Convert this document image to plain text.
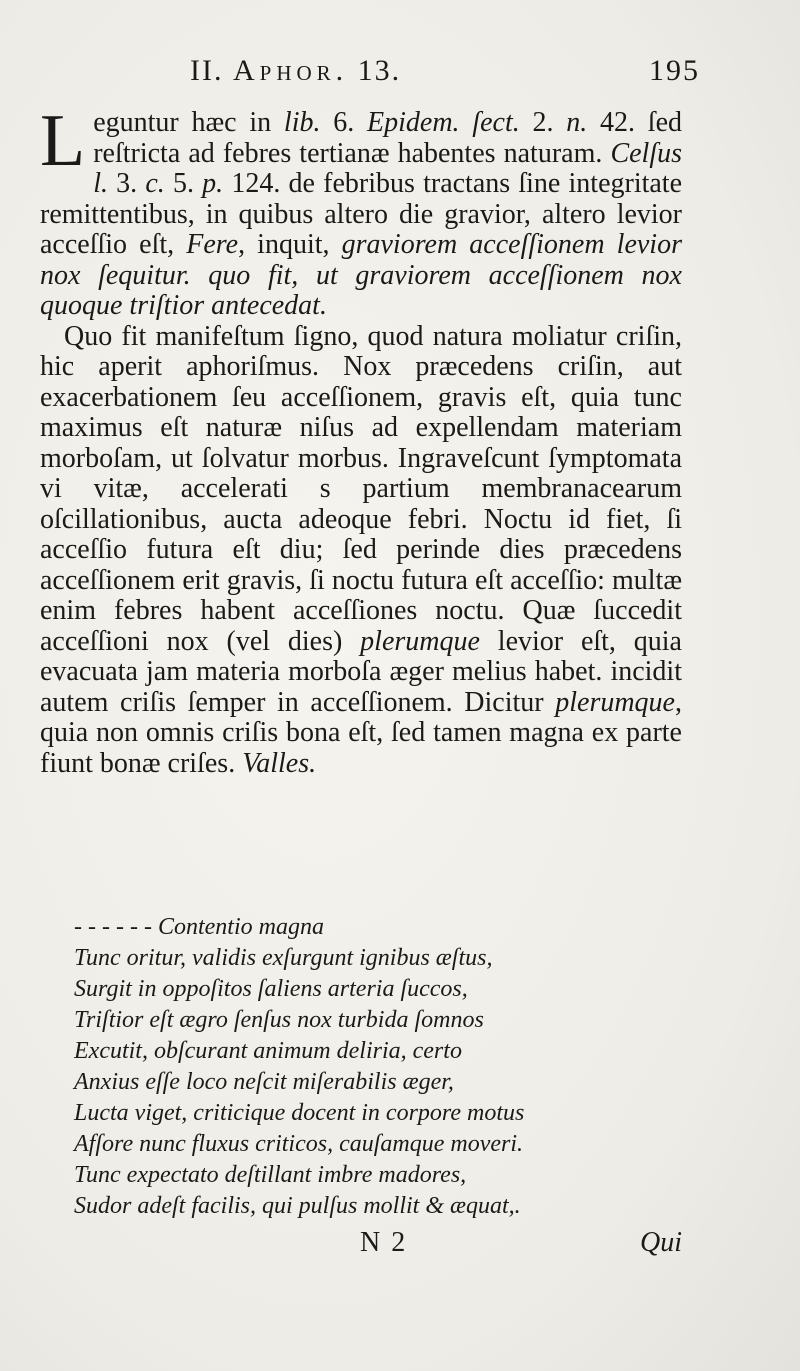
II. Aphor. 13.	195

Leguntur hæc in lib. 6. Epidem. ſect. 2. n. 42. ſed reſtricta ad febres tertianæ habentes naturam. Celſus l. 3. c. 5. p. 124. de febribus tractans ſine integritate remittentibus, in quibus altero die gravior, altero levior acceſſio eſt, Fere, inquit, graviorem acceſſionem levior nox ſequitur. quo fit, ut graviorem acceſſionem nox quoque triſtior antecedat.

Quo fit manifeſtum ſigno, quod natura moliatur criſin, hic aperit aphoriſmus. Nox præcedens criſin, aut exacerbationem ſeu acceſſionem, gravis eſt, quia tunc maximus eſt naturæ niſus ad expellendam materiam morboſam, ut ſolvatur morbus. Ingraveſcunt ſymptomata vi vitæ, accelerati s partium membranacearum oſcillationibus, aucta adeoque febri. Noctu id fiet, ſi acceſſio futura eſt diu; ſed perinde dies præcedens acceſſionem erit gravis, ſi noctu futura eſt acceſſio: multæ enim febres habent acceſſiones noctu. Quæ ſuccedit acceſſioni nox (vel dies) plerumque levior eſt, quia evacuata jam materia morboſa æger melius habet. incidit autem criſis ſemper in acceſſionem. Dicitur plerumque, quia non omnis criſis bona eſt, ſed tamen magna ex parte fiunt bonæ criſes. Valles.

- - - - - - Contentio magna
Tunc oritur, validis exſurgunt ignibus æſtus,
Surgit in oppoſitos ſaliens arteria ſuccos,
Triſtior eſt ægro ſenſus nox turbida ſomnos
Excutit, obſcurant animum deliria, certo
Anxius eſſe loco neſcit miſerabilis æger,
Lucta viget, criticique docent in corpore motus
Afſore nunc fluxus criticos, cauſamque moveri.
Tunc expectato deſtillant imbre madores,
Sudor adeſt facilis, qui pulſus mollit & æquat,.
N 2	Qui
